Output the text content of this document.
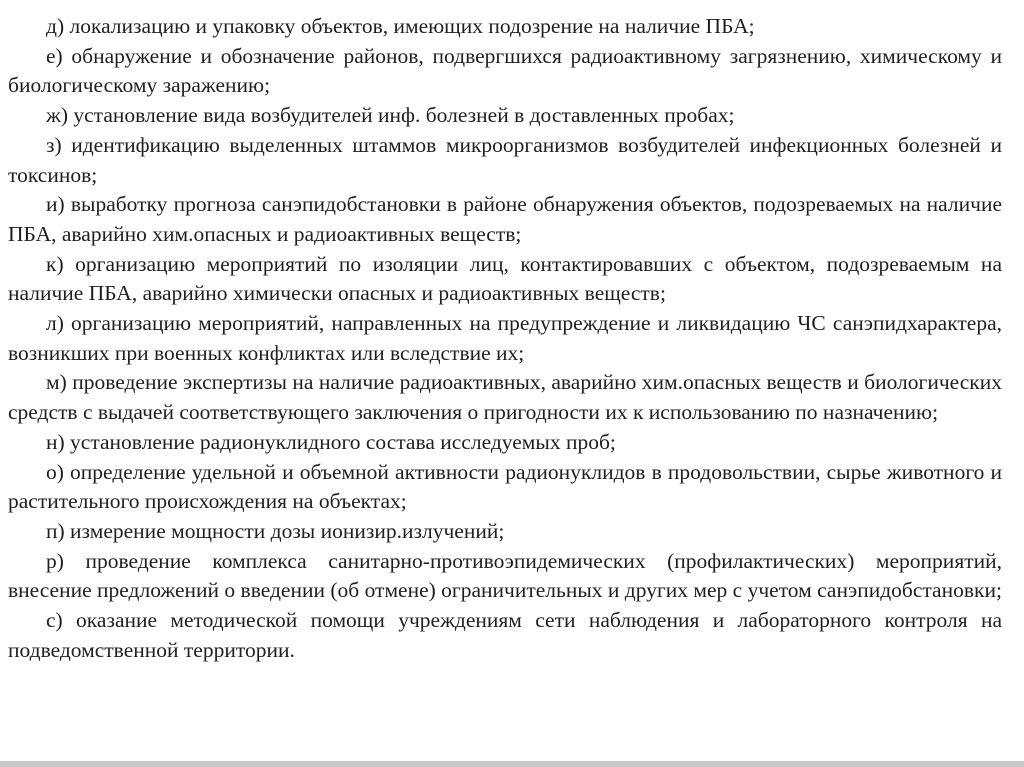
д) локализацию и упаковку объектов, имеющих подозрение на наличие ПБА;

е) обнаружение и обозначение районов, подвергшихся радиоактивному загрязнению, химическому и биологическому заражению;

ж) установление вида возбудителей инф. болезней в доставленных пробах;

з) идентификацию выделенных штаммов микроорганизмов возбудителей инфекционных болезней и токсинов;

и) выработку прогноза санэпидобстановки в районе обнаружения объектов, подозреваемых на наличие ПБА, аварийно хим.опасных и радиоактивных веществ;

к) организацию мероприятий по изоляции лиц, контактировавших с объектом, подозреваемым на наличие ПБА, аварийно химически опасных и радиоактивных веществ;

л) организацию мероприятий, направленных на предупреждение и ликвидацию ЧС санэпидхарактера, возникших при военных конфликтах или вследствие их;

м) проведение экспертизы на наличие радиоактивных, аварийно хим.опасных веществ и биологических средств с выдачей соответствующего заключения о пригодности их к использованию по назначению;

н) установление радионуклидного состава исследуемых проб;

о) определение удельной и объемной активности радионуклидов в продовольствии, сырье животного и растительного происхождения на объектах;

п) измерение мощности дозы ионизир.излучений;

р) проведение комплекса санитарно-противоэпидемических (профилактических) мероприятий, внесение предложений о введении (об отмене) ограничительных и других мер с учетом санэпидобстановки;

с) оказание методической помощи учреждениям сети наблюдения и лабораторного контроля на подведомственной территории.
